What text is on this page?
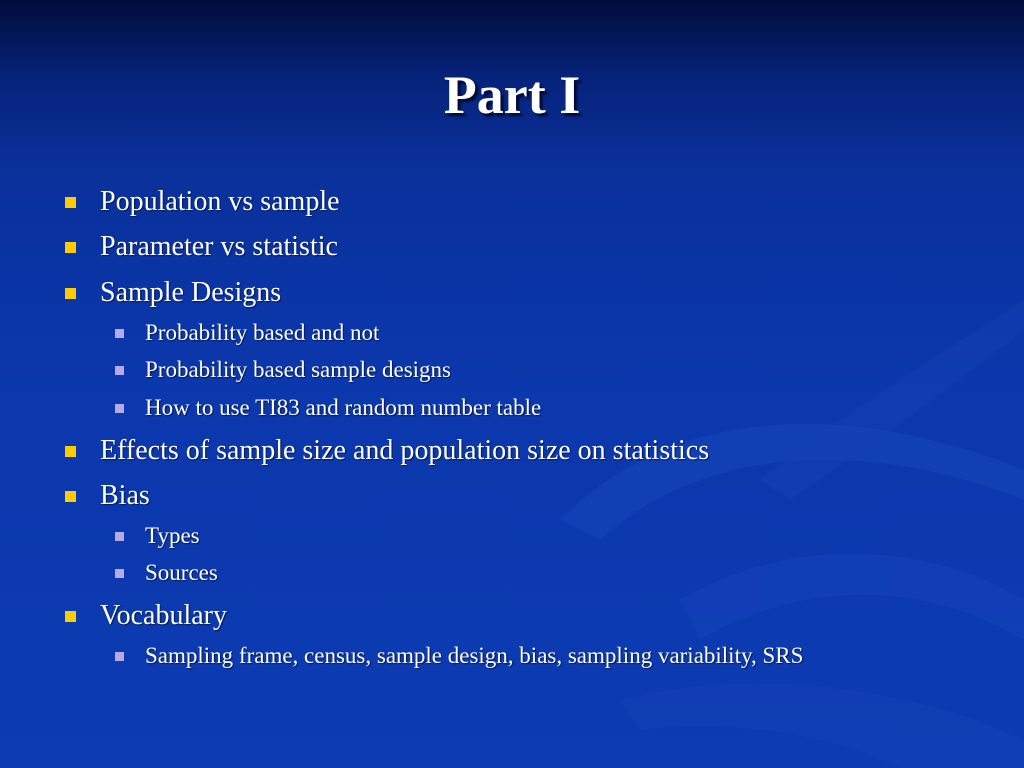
Part I
Population vs sample
Parameter vs statistic
Sample Designs
Probability based and not
Probability based sample designs
How to use TI83 and random number table
Effects of sample size and population size on statistics
Bias
Types
Sources
Vocabulary
Sampling frame, census, sample design, bias, sampling variability, SRS
